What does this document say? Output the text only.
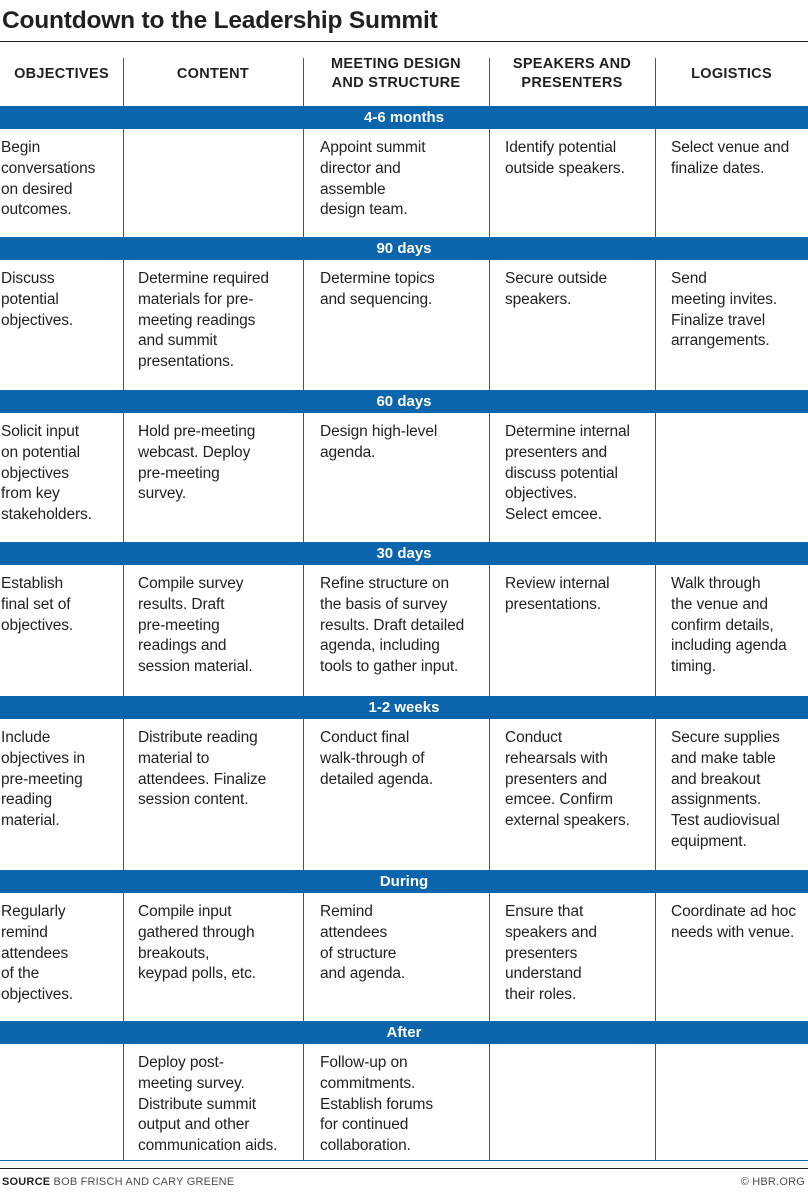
Countdown to the Leadership Summit
OBJECTIVES	CONTENT
MEETING DESIGN
AND STRUCTURE
SPEAKERS AND
PRESENTERS
LOGISTICS
4-6 months
Begin
conversations
on desired
outcomes.
Appoint summit
director and
assemble
design team.
Identify potential
outside speakers.
Select venue and
finalize dates.
90 days
Discuss
potential
objectives.
Determine required
materials for pre-
meeting readings
and summit
presentations.
Determine topics
and sequencing.
Secure outside
speakers.
Send
meeting invites.
Finalize travel
arrangements.
60 days
Solicit input
on potential
objectives
from key
stakeholders.
Hold pre-meeting
webcast. Deploy
pre-meeting
survey.
Design high-level
agenda.
Determine internal
presenters and
discuss potential
objectives.
Select emcee.
30 days
Establish
final set of
objectives.
Compile survey
results. Draft
pre-meeting
readings and
session material.
Refine structure on
the basis of survey
results. Draft detailed
agenda, including
tools to gather input.
Review internal
presentations.
Walk through
the venue and
confirm details,
including agenda
timing.
1-2 weeks
Include
objectives in
pre-meeting
reading
material.
Distribute reading
material to
attendees. Finalize
session content.
Conduct final
walk-through of
detailed agenda.
Conduct
rehearsals with
presenters and
emcee. Confirm
external speakers.
Secure supplies
and make table
and breakout
assignments.
Test audiovisual
equipment.
During
Regularly
remind
attendees
of the
objectives.
Compile input
gathered through
breakouts,
keypad polls, etc.
Remind
attendees
of structure
and agenda.
Ensure that
speakers and
presenters
understand
their roles.
Coordinate ad hoc
needs with venue.
After
Deploy post-
meeting survey.
Distribute summit
output and other
communication aids.
Follow-up on
commitments.
Establish forums
for continued
collaboration.
SOURCE BOB FRISCH AND CARY GREENE	© HBR.ORG
